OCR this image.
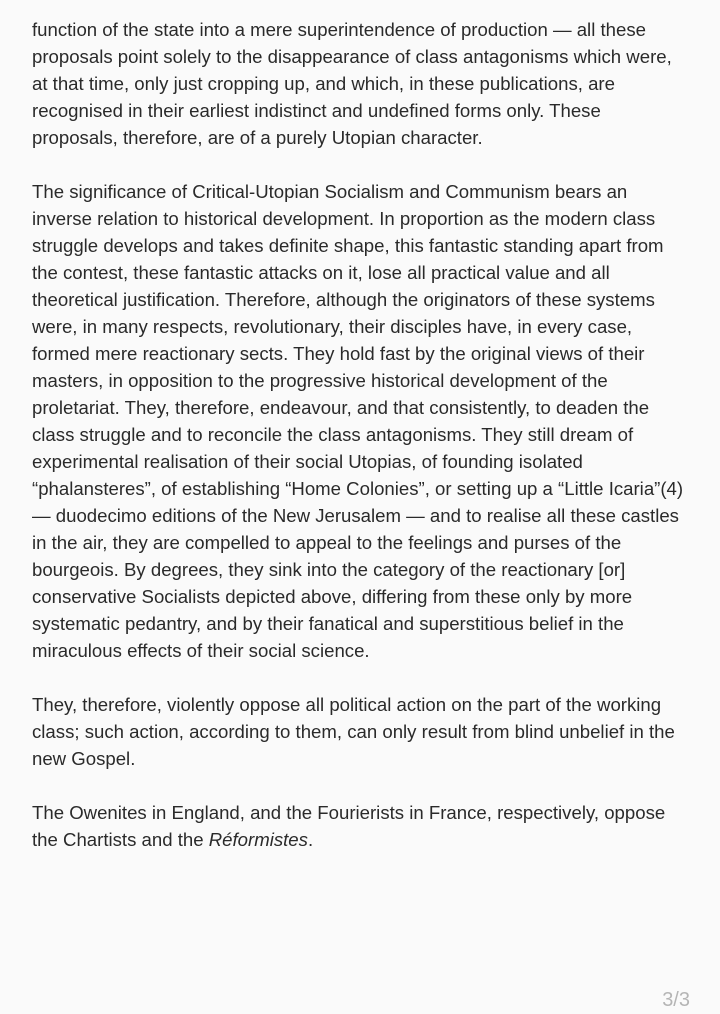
function of the state into a mere superintendence of production — all these proposals point solely to the disappearance of class antagonisms which were, at that time, only just cropping up, and which, in these publications, are recognised in their earliest indistinct and undefined forms only. These proposals, therefore, are of a purely Utopian character.

The significance of Critical-Utopian Socialism and Communism bears an inverse relation to historical development. In proportion as the modern class struggle develops and takes definite shape, this fantastic standing apart from the contest, these fantastic attacks on it, lose all practical value and all theoretical justification. Therefore, although the originators of these systems were, in many respects, revolutionary, their disciples have, in every case, formed mere reactionary sects. They hold fast by the original views of their masters, in opposition to the progressive historical development of the proletariat. They, therefore, endeavour, and that consistently, to deaden the class struggle and to reconcile the class antagonisms. They still dream of experimental realisation of their social Utopias, of founding isolated “phalansteres”, of establishing “Home Colonies”, or setting up a “Little Icaria”(4) — duodecimo editions of the New Jerusalem — and to realise all these castles in the air, they are compelled to appeal to the feelings and purses of the bourgeois. By degrees, they sink into the category of the reactionary [or] conservative Socialists depicted above, differing from these only by more systematic pedantry, and by their fanatical and superstitious belief in the miraculous effects of their social science.

They, therefore, violently oppose all political action on the part of the working class; such action, according to them, can only result from blind unbelief in the new Gospel.

The Owenites in England, and the Fourierists in France, respectively, oppose the Chartists and the Réformistes.

3/3
